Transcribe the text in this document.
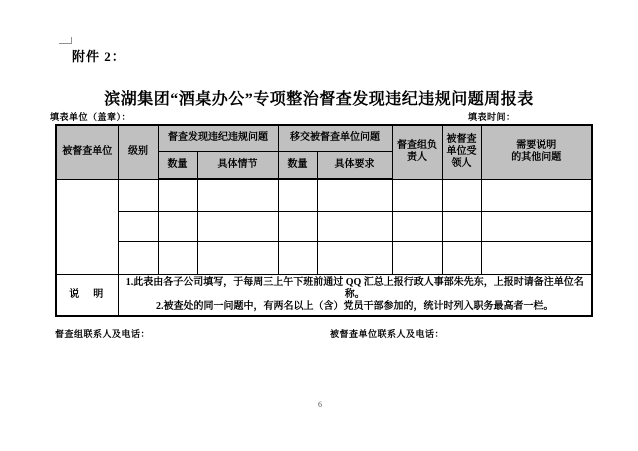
附件 2：
滨湖集团“酒桌办公”专项整治督查发现违纪违规问题周报表
填表单位（盖章）：	填表时间：
被督查单位	级别	督查发现违纪违规问题		移交被督查单位问题		督查组负责人	被督查单位受领人	需要说明 的其他问题

		数量	具体情节	数量	具体要求			

说　明	1.此表由各子公司填写，于每周三上午下班前通过 QQ 汇总上报行政人事部朱先东，上报时请备注单位名称。
2.被查处的同一问题中，有两名以上（含）党员干部参加的，统计时列入职务最高者一栏。							
督查组联系人及电话：	被督查单位联系人及电话：
6
